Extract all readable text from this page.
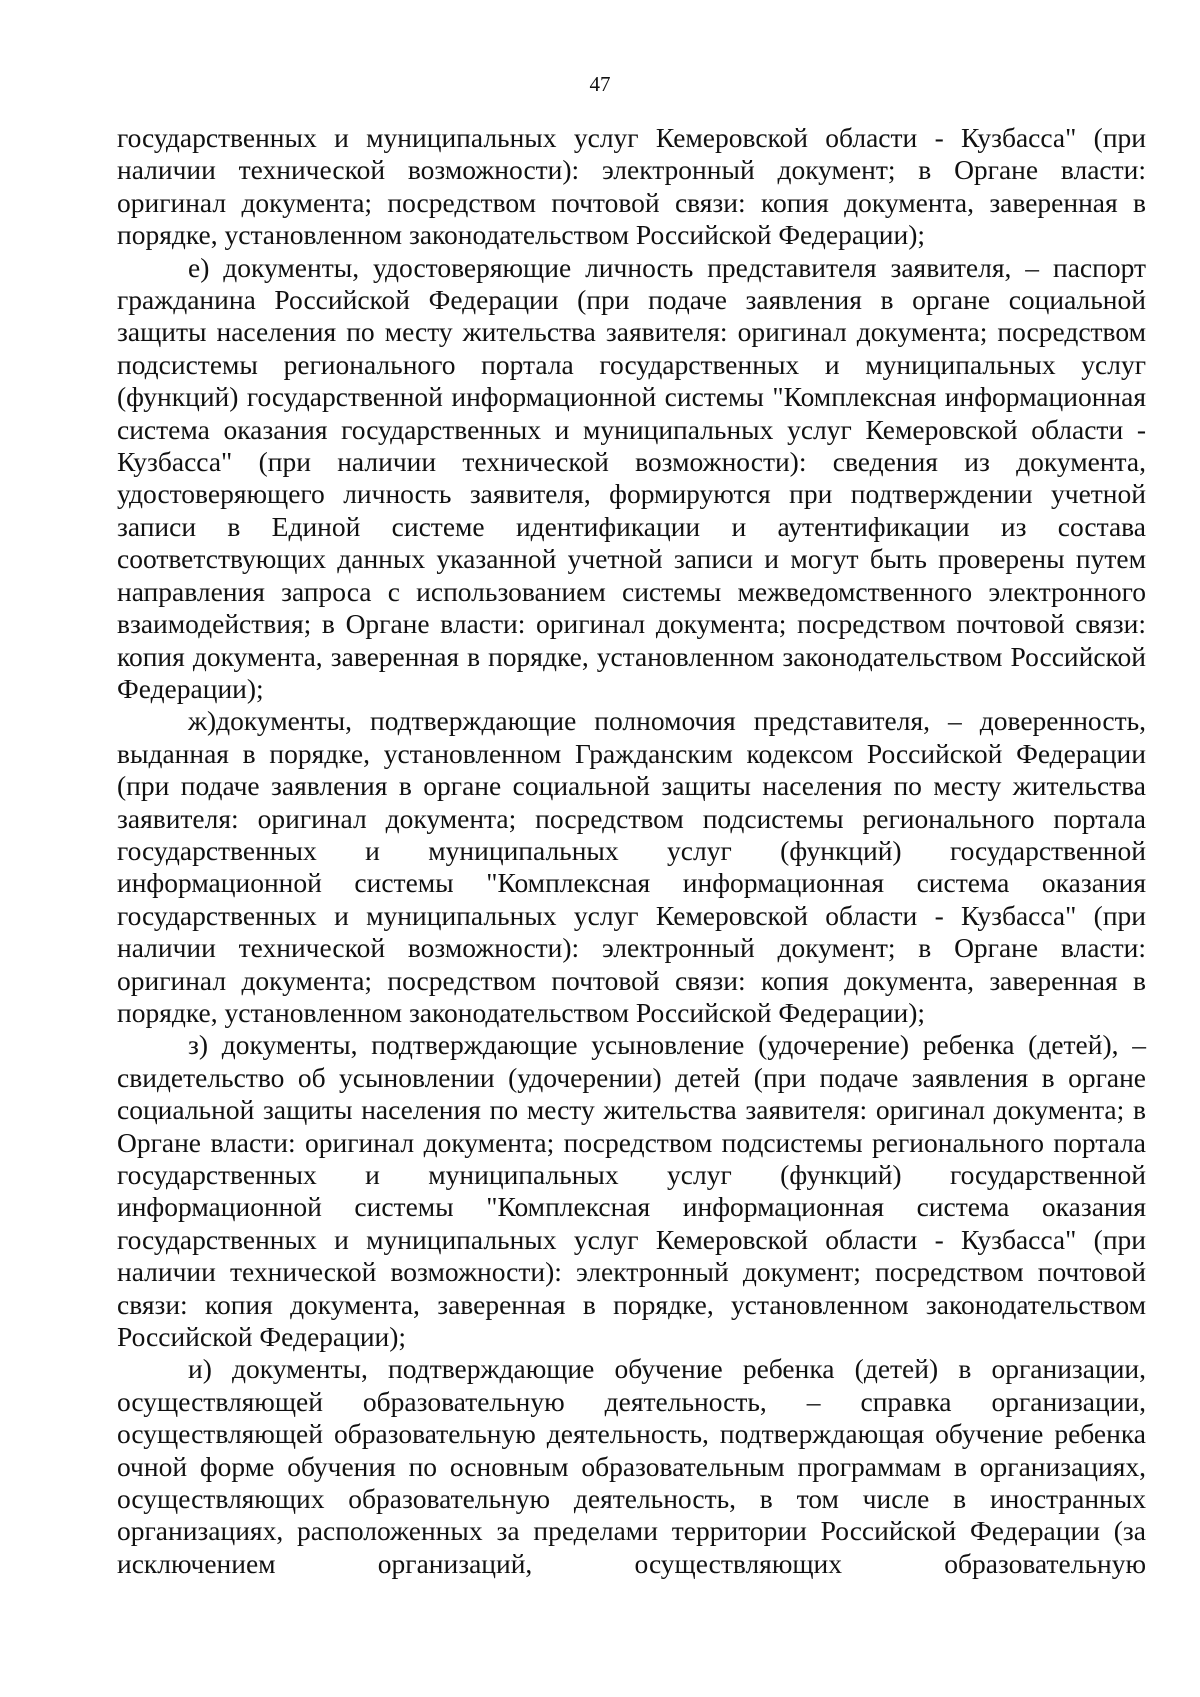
47

государственных и муниципальных услуг Кемеровской области - Кузбасса" (при наличии технической возможности): электронный документ; в Органе власти: оригинал документа; посредством почтовой связи: копия документа, заверенная в порядке, установленном законодательством Российской Федерации);

е) документы, удостоверяющие личность представителя заявителя, – паспорт гражданина Российской Федерации (при подаче заявления в органе социальной защиты населения по месту жительства заявителя: оригинал документа; посредством подсистемы регионального портала государственных и муниципальных услуг (функций) государственной информационной системы "Комплексная информационная система оказания государственных и муниципальных услуг Кемеровской области - Кузбасса" (при наличии технической возможности): сведения из документа, удостоверяющего личность заявителя, формируются при подтверждении учетной записи в Единой системе идентификации и аутентификации из состава соответствующих данных указанной учетной записи и могут быть проверены путем направления запроса с использованием системы межведомственного электронного взаимодействия; в Органе власти: оригинал документа; посредством почтовой связи: копия документа, заверенная в порядке, установленном законодательством Российской Федерации);

ж)документы, подтверждающие полномочия представителя, – доверенность, выданная в порядке, установленном Гражданским кодексом Российской Федерации (при подаче заявления в органе социальной защиты населения по месту жительства заявителя: оригинал документа; посредством подсистемы регионального портала государственных и муниципальных услуг (функций) государственной информационной системы "Комплексная информационная система оказания государственных и муниципальных услуг Кемеровской области - Кузбасса" (при наличии технической возможности): электронный документ; в Органе власти: оригинал документа; посредством почтовой связи: копия документа, заверенная в порядке, установленном законодательством Российской Федерации);

з) документы, подтверждающие усыновление (удочерение) ребенка (детей), – свидетельство об усыновлении (удочерении) детей (при подаче заявления в органе социальной защиты населения по месту жительства заявителя: оригинал документа; в Органе власти: оригинал документа; посредством подсистемы регионального портала государственных и муниципальных услуг (функций) государственной информационной системы "Комплексная информационная система оказания государственных и муниципальных услуг Кемеровской области - Кузбасса" (при наличии технической возможности): электронный документ; посредством почтовой связи: копия документа, заверенная в порядке, установленном законодательством Российской Федерации);

и) документы, подтверждающие обучение ребенка (детей) в организации, осуществляющей образовательную деятельность, – справка организации, осуществляющей образовательную деятельность, подтверждающая обучение ребенка очной форме обучения по основным образовательным программам в организациях, осуществляющих образовательную деятельность, в том числе в иностранных организациях, расположенных за пределами территории Российской Федерации (за исключением организаций, осуществляющих образовательную
